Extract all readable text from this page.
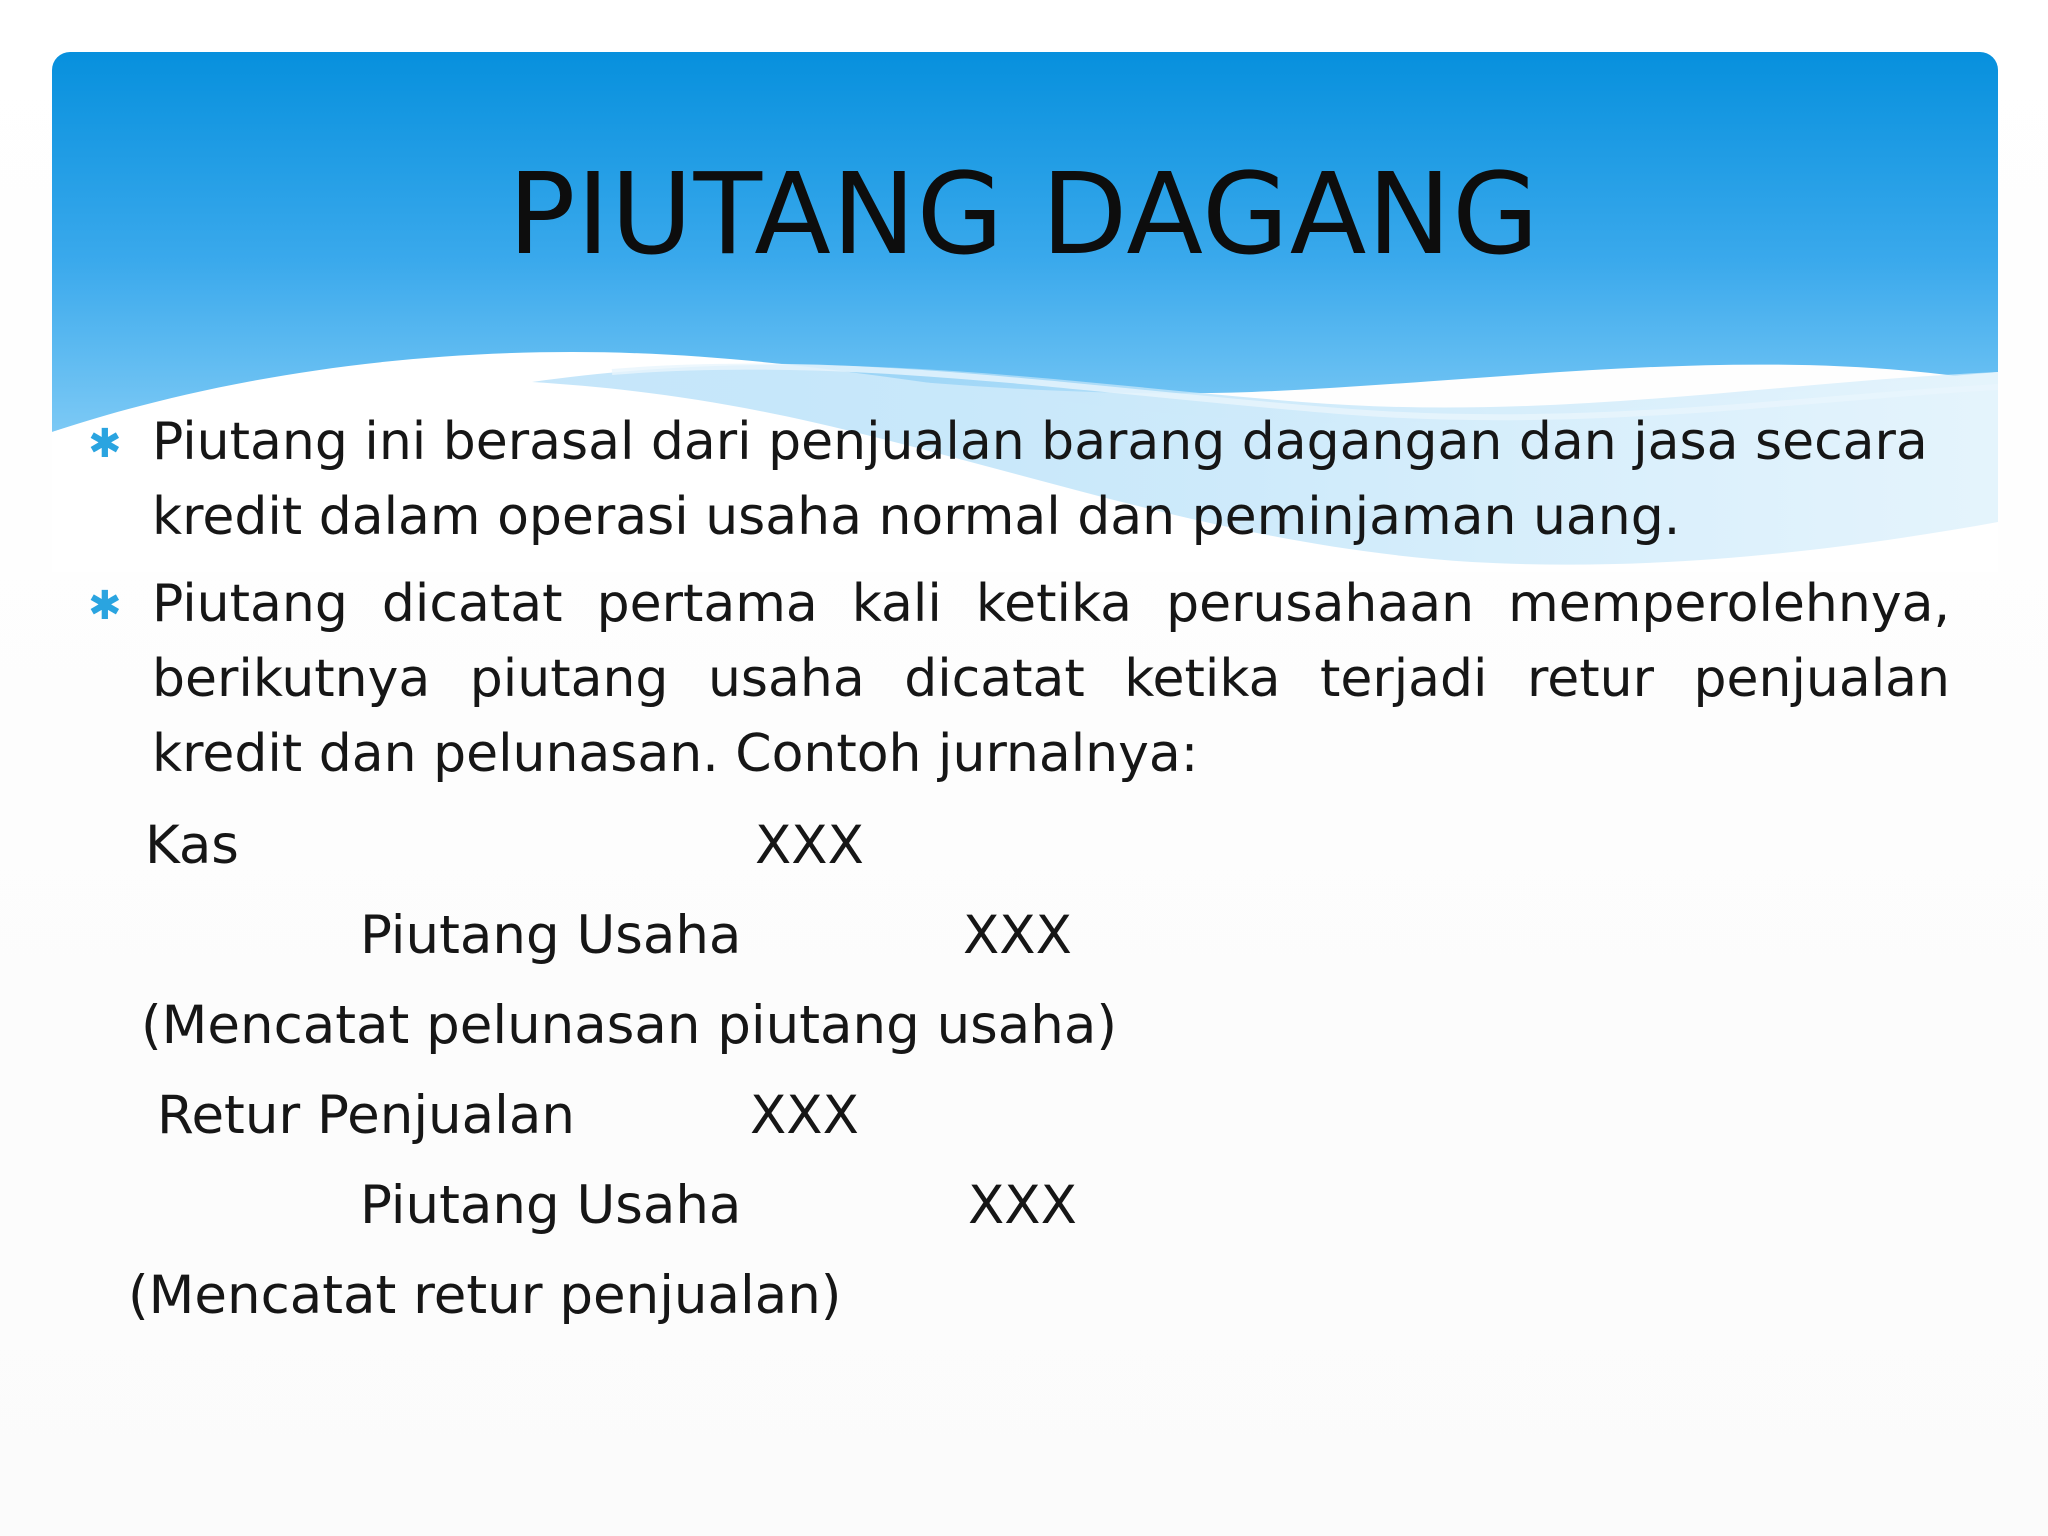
PIUTANG DAGANG
✱ Piutang ini berasal dari penjualan barang dagangan dan jasa secara kredit dalam operasi usaha normal dan peminjaman uang.
✱ Piutang dicatat pertama kali ketika perusahaan memperolehnya, berikutnya piutang usaha dicatat ketika terjadi retur penjualan kredit dan pelunasan. Contoh jurnalnya:
Kas	XXX
Piutang Usaha	XXX
(Mencatat pelunasan piutang usaha)
Retur Penjualan	XXX
Piutang Usaha	XXX
(Mencatat retur penjualan)
